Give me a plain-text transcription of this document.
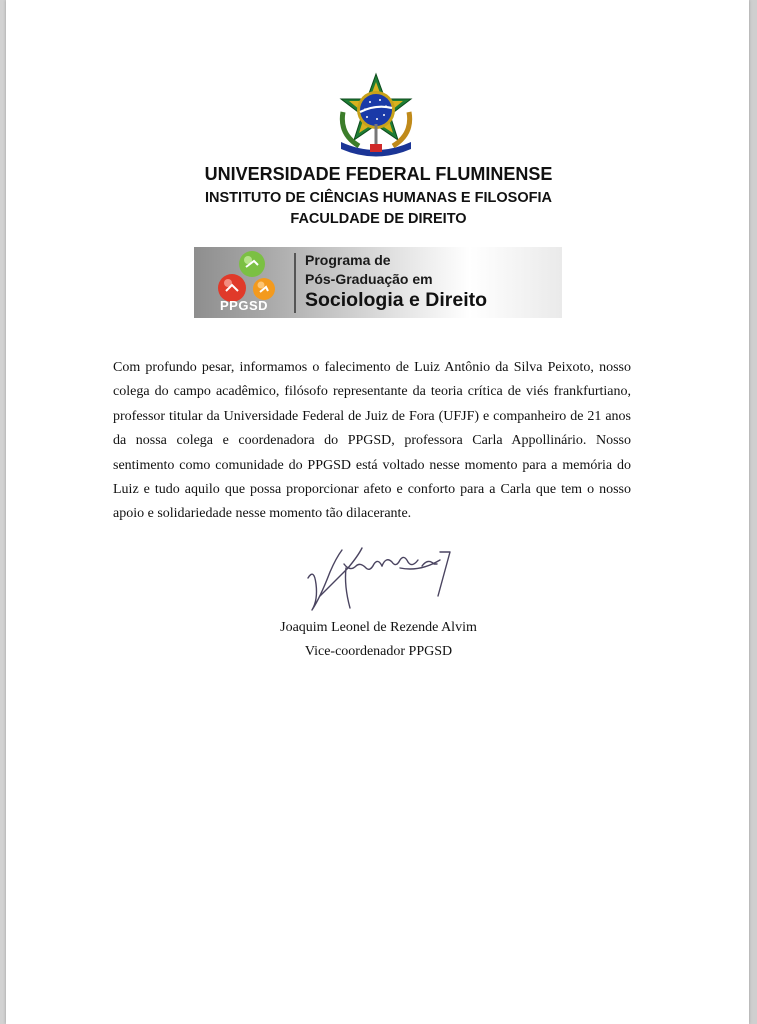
UNIVERSIDADE FEDERAL FLUMINENSE
INSTITUTO DE CIÊNCIAS HUMANAS E FILOSOFIA
FACULDADE DE DIREITO
PPGSD
Programa de
Pós-Graduação em
Sociologia e Direito

Com profundo pesar, informamos o falecimento de Luiz Antônio da Silva Peixoto, nosso colega do campo acadêmico, filósofo representante da teoria crítica de viés frankfurtiano, professor titular da Universidade Federal de Juiz de Fora (UFJF) e companheiro de 21 anos da nossa colega e coordenadora do PPGSD, professora Carla Appollinário. Nosso sentimento como comunidade do PPGSD está voltado nesse momento para a memória do Luiz e tudo aquilo que possa proporcionar afeto e conforto para a Carla que tem o nosso apoio e solidariedade nesse momento tão dilacerante.

Joaquim Leonel de Rezende Alvim
Vice-coordenador PPGSD
